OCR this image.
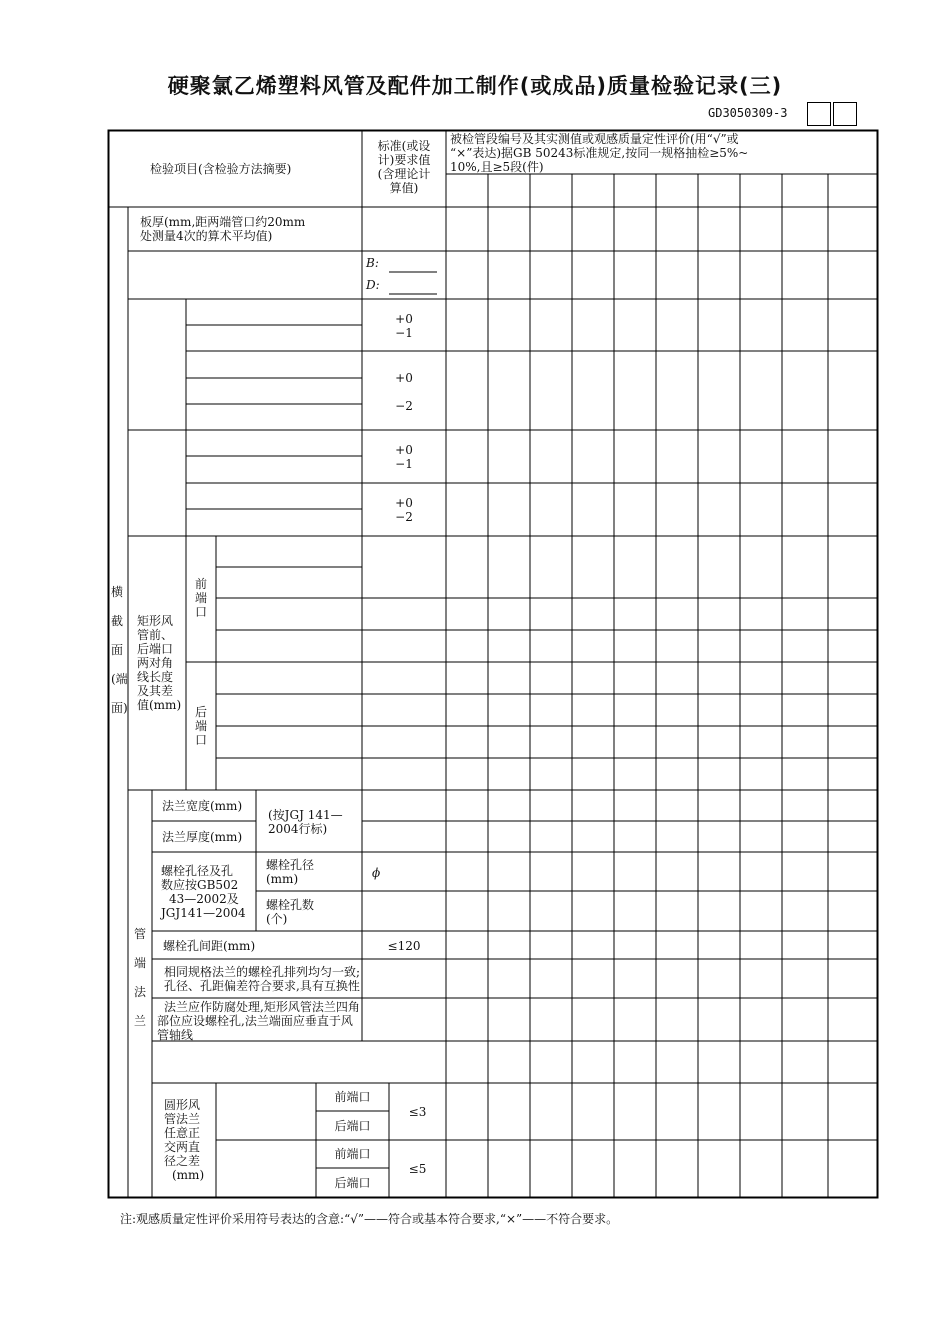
硬聚氯乙烯塑料风管及配件加工制作(或成品)质量检验记录(三)
GD3050309-3
检验项目(含检验方法摘要)
标准(或设
计)要求值
(含理论计
算值)
被检管段编号及其实测值或观感质量定性评价(用“√”或
“×”表达)据GB 50243标准规定,按同一规格抽检≥5%~
10%,且≥5段(件)
板厚(mm,距两端管口约20mm
处测量4次的算术平均值)
B:
D:
+0
−1
+0
−2
+0
−1
+0
−2
横截面(端面)
矩形风
管前、
后端口
两对角
线长度
及其差
值(mm)
前端口
后端口
管端法兰
法兰宽度(mm)
法兰厚度(mm)
(按JGJ 141—
2004行标)
螺栓孔径及孔
数应按GB502
43—2002及
JGJ141—2004
螺栓孔径
(mm)	ϕ
螺栓孔数
(个)
螺栓孔间距(mm)	≤120
相同规格法兰的螺栓孔排列均匀一致;
孔径、孔距偏差符合要求,具有互换性
法兰应作防腐处理,矩形风管法兰四角
部位应设螺栓孔,法兰端面应垂直于风
管轴线
圆形风
管法兰
任意正
交两直
径之差
(mm)
前端口
后端口
前端口
后端口
≤3
≤5
注:观感质量定性评价采用符号表达的含意:“√”——符合或基本符合要求,“×”——不符合要求。
